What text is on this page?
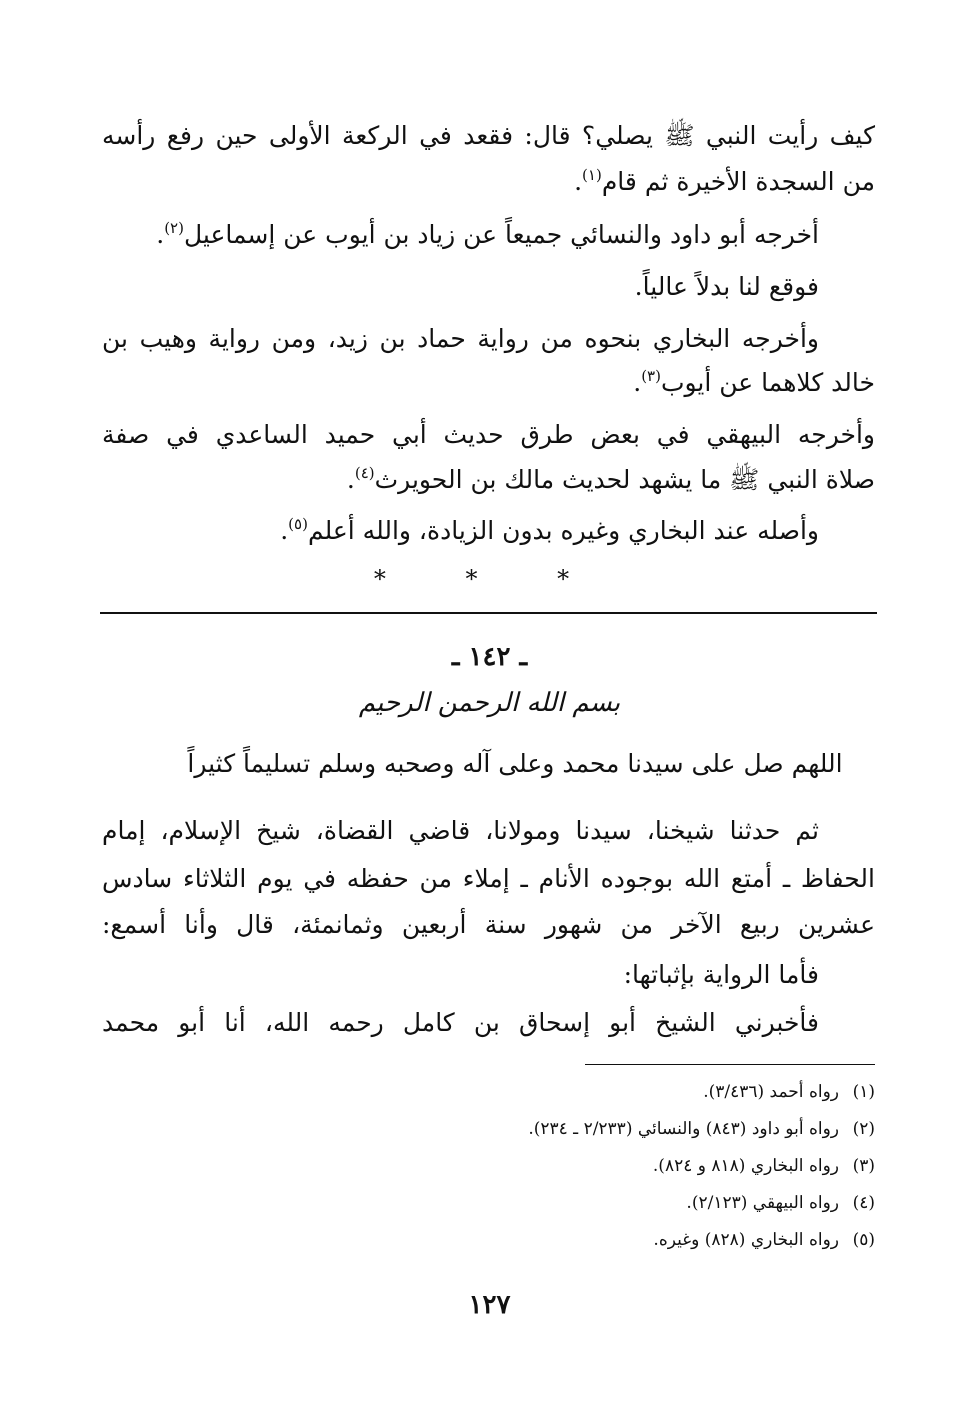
كيف رأيت النبي ﷺ يصلي؟ قال: فقعد في الركعة الأولى حين رفع رأسه
من السجدة الأخيرة ثم قام$^{(١)}$.
أخرجه أبو داود والنسائي جميعاً عن زياد بن أيوب عن إسماعيل$^{(٢)}$.
فوقع لنا بدلاً عالياً.
وأخرجه البخاري بنحوه من رواية حماد بن زيد، ومن رواية وهيب بن
خالد كلاهما عن أيوب$^{(٣)}$.
وأخرجه البيهقي في بعض طرق حديث أبي حميد الساعدي في صفة
صلاة النبي ﷺ ما يشهد لحديث مالك بن الحويرث$^{(٤)}$.
وأصله عند البخاري وغيره بدون الزيادة، والله أعلم$^{(٥)}$.
* * *
ـ ١٤٢ ـ
بسم الله الرحمن الرحيم
اللهم صل على سيدنا محمد وعلى آله وصحبه وسلم تسليماً كثيراً
ثم حدثنا شيخنا، سيدنا ومولانا، قاضي القضاة، شيخ الإسلام، إمام
الحفاظ ـ أمتع الله بوجوده الأنام ـ إملاء من حفظه في يوم الثلاثاء سادس
عشرين ربيع الآخر من شهور سنة أربعين وثمانمئة، قال وأنا أسمع:
فأما الرواية بإثباتها:
فأخبرني الشيخ أبو إسحاق بن كامل رحمه الله، أنا أبو محمد
(١)رواه أحمد (٣/٤٣٦).
(٢)رواه أبو داود (٨٤٣) والنسائي (٢/٢٣٣ ـ ٢٣٤).
(٣)رواه البخاري (٨١٨ و ٨٢٤).
(٤)رواه البيهقي (٢/١٢٣).
(٥)رواه البخاري (٨٢٨) وغيره.
١٢٧
